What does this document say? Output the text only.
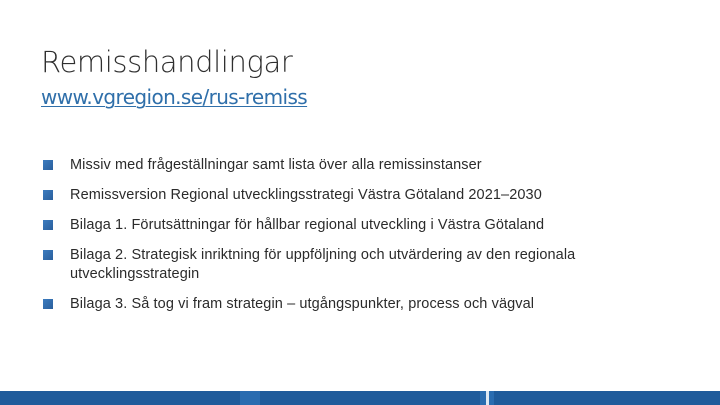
Remisshandlingar
www.vgregion.se/rus-remiss
Missiv med frågeställningar samt lista över alla remissinstanser
Remissversion Regional utvecklingsstrategi Västra Götaland 2021–2030
Bilaga 1. Förutsättningar för hållbar regional utveckling i Västra Götaland
Bilaga 2. Strategisk inriktning för uppföljning och utvärdering av den regionala utvecklingsstrategin
Bilaga 3. Så tog vi fram strategin – utgångspunkter, process och vägval
